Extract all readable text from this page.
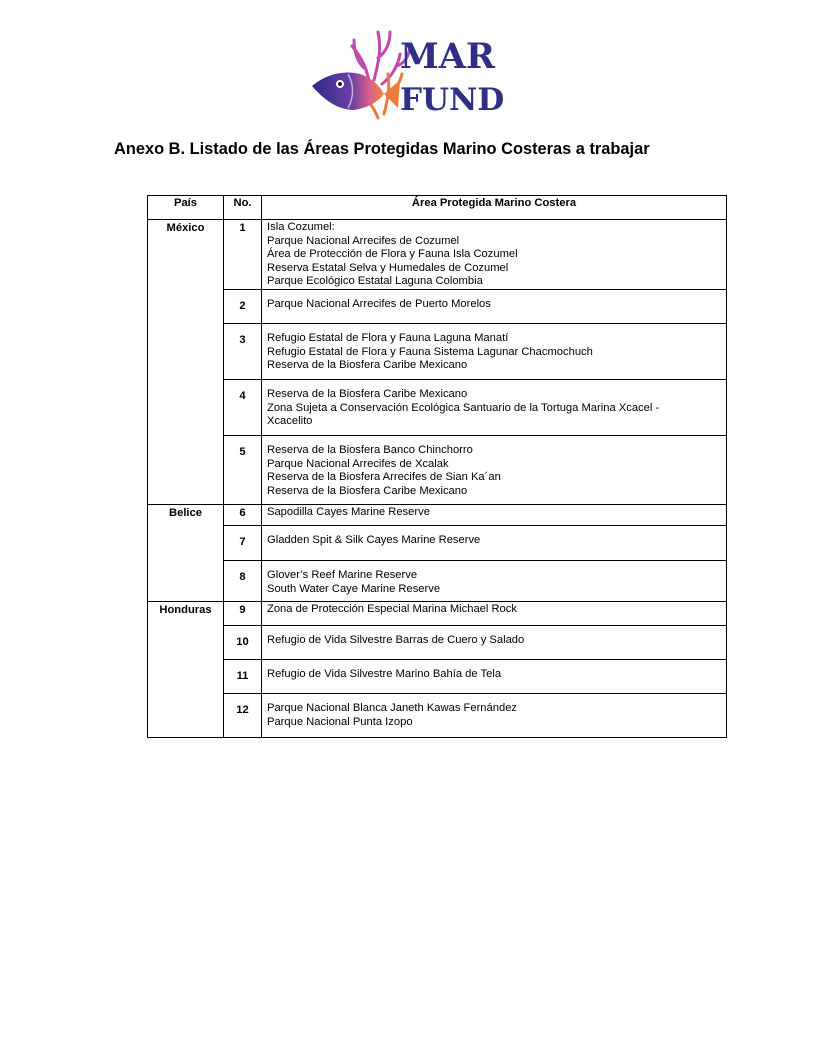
MAR
FUND
Anexo B. Listado de las Áreas Protegidas Marino Costeras a trabajar
País	No.	Área Protegida Marino Costera
México	1	Isla Cozumel:
Parque Nacional Arrecifes de Cozumel
Área de Protección de Flora y Fauna Isla Cozumel
Reserva Estatal Selva y Humedales de Cozumel
Parque Ecológico Estatal Laguna Colombia

	2	Parque Nacional Arrecifes de Puerto Morelos

	3	Refugio Estatal de Flora y Fauna Laguna Manatí
Refugio Estatal de Flora y Fauna Sistema Lagunar Chacmochuch
Reserva de la Biosfera Caribe Mexicano

	4	Reserva de la Biosfera Caribe Mexicano
Zona Sujeta a Conservación Ecológica Santuario de la Tortuga Marina Xcacel -
Xcacelito

	5	Reserva de la Biosfera Banco Chinchorro
Parque Nacional Arrecifes de Xcalak
Reserva de la Biosfera Arrecifes de Sian Ka´an
Reserva de la Biosfera Caribe Mexicano

Belice	6	Sapodilla Cayes Marine Reserve

	7	Gladden Spit & Silk Cayes Marine Reserve

	8	Glover’s Reef Marine Reserve
South Water Caye Marine Reserve

Honduras	9	Zona de Protección Especial Marina Michael Rock

	10	Refugio de Vida Silvestre Barras de Cuero y Salado

	11	Refugio de Vida Silvestre Marino Bahía de Tela

	12	Parque Nacional Blanca Janeth Kawas Fernández
Parque Nacional Punta Izopo
